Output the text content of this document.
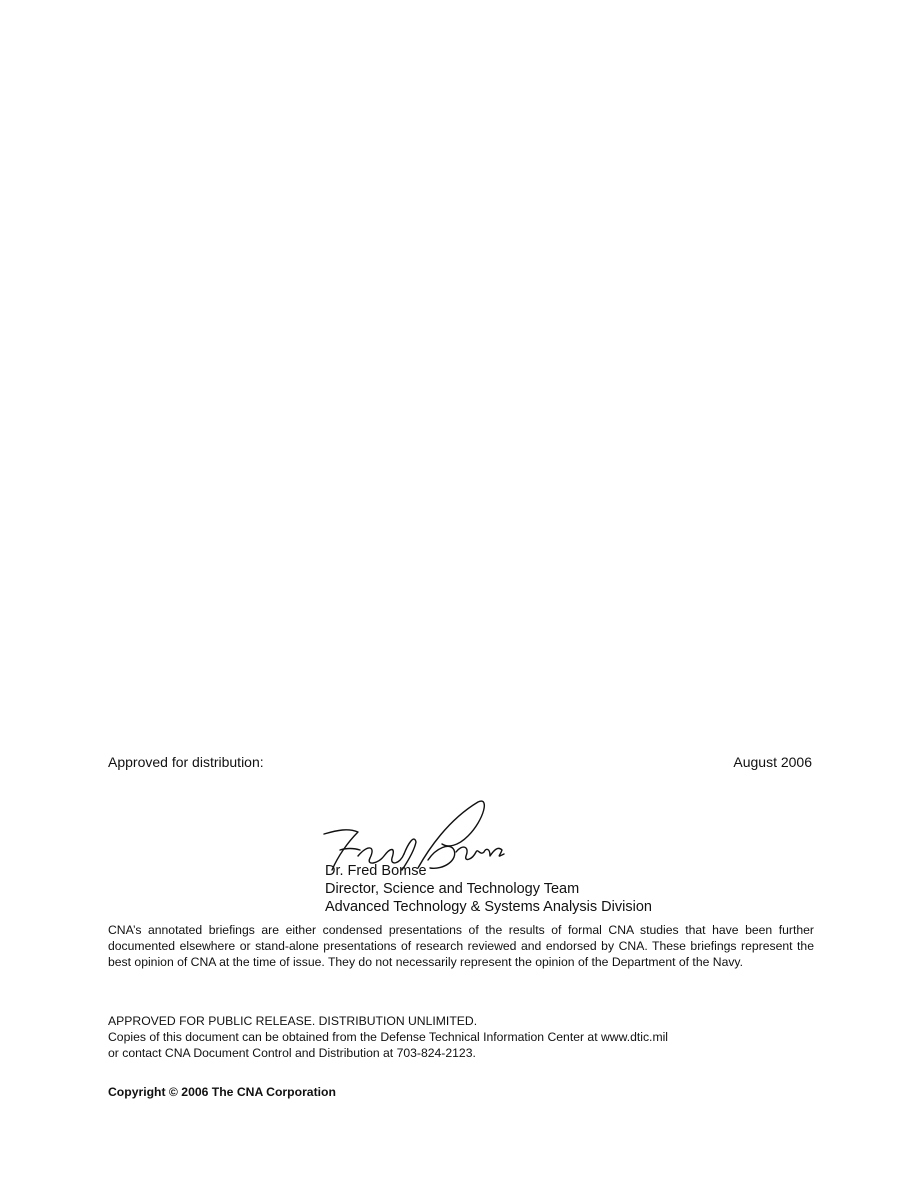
Approved for distribution:	August 2006
Dr. Fred Bomse
Director, Science and Technology Team
Advanced Technology & Systems Analysis Division
CNA’s annotated briefings are either condensed presentations of the results of formal CNA studies that have been further documented elsewhere or stand-alone presentations of research reviewed and endorsed by CNA. These briefings represent the best opinion of CNA at the time of issue. They do not necessarily represent the opinion of the Department of the Navy.
APPROVED FOR PUBLIC RELEASE. DISTRIBUTION UNLIMITED.
Copies of this document can be obtained from the Defense Technical Information Center at www.dtic.mil
or contact CNA Document Control and Distribution at 703-824-2123.
Copyright © 2006 The CNA Corporation
